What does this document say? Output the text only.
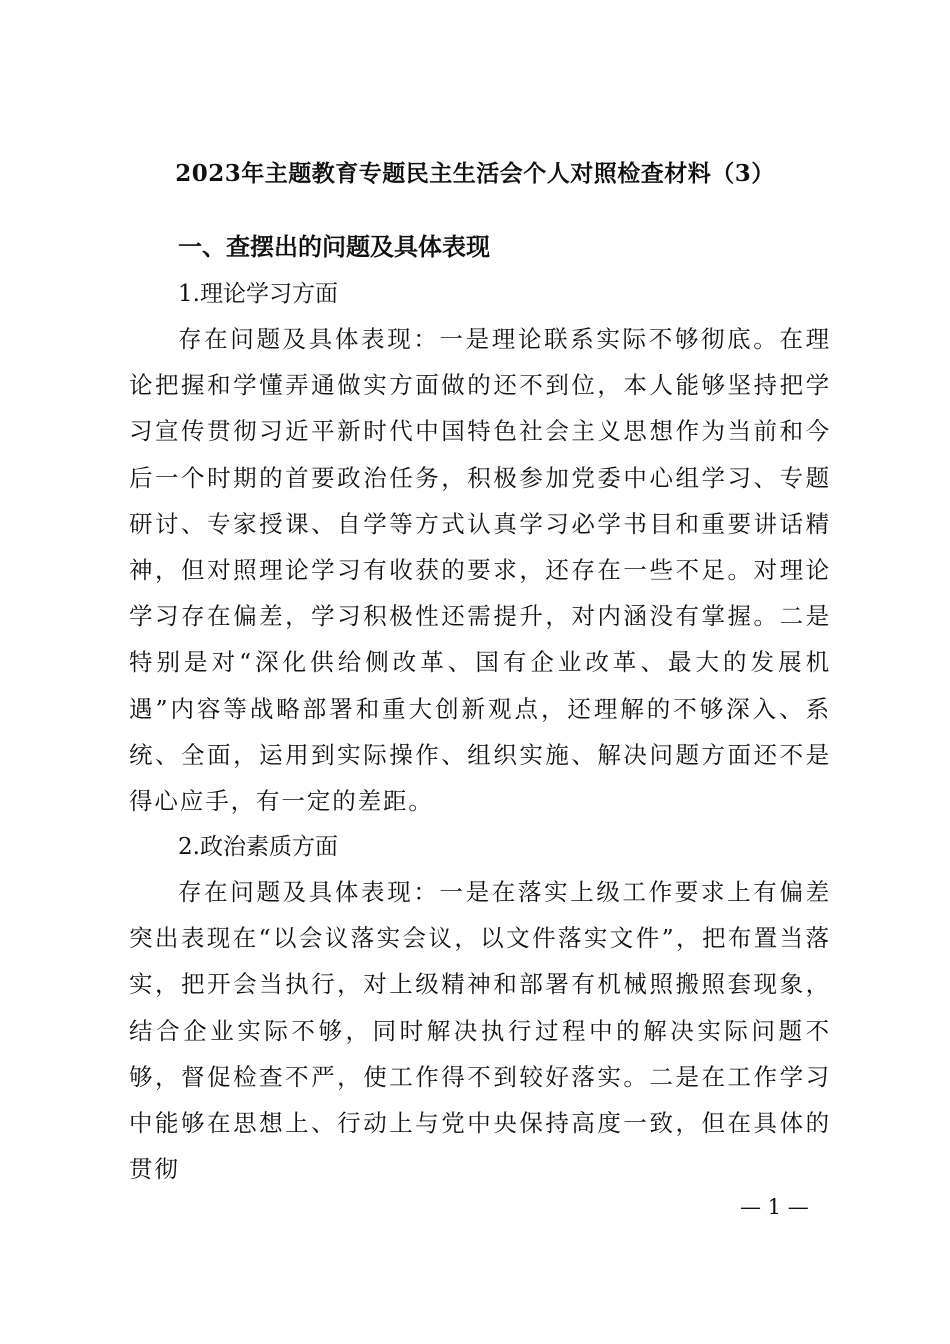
2023年主题教育专题民主生活会个人对照检查材料（3）
一、查摆出的问题及具体表现
1.理论学习方面
存在问题及具体表现：一是理论联系实际不够彻底。在理论把握和学懂弄通做实方面做的还不到位，本人能够坚持把学习宣传贯彻习近平新时代中国特色社会主义思想作为当前和今后一个时期的首要政治任务，积极参加党委中心组学习、专题研讨、专家授课、自学等方式认真学习必学书目和重要讲话精神，但对照理论学习有收获的要求，还存在一些不足。对理论学习存在偏差，学习积极性还需提升，对内涵没有掌握。二是特别是对“深化供给侧改革、国有企业改革、最大的发展机遇”内容等战略部署和重大创新观点，还理解的不够深入、系统、全面，运用到实际操作、组织实施、解决问题方面还不是得心应手，有一定的差距。
2.政治素质方面
存在问题及具体表现：一是在落实上级工作要求上有偏差突出表现在“以会议落实会议，以文件落实文件”，把布置当落实，把开会当执行，对上级精神和部署有机械照搬照套现象，结合企业实际不够，同时解决执行过程中的解决实际问题不够，督促检查不严，使工作得不到较好落实。二是在工作学习中能够在思想上、行动上与党中央保持高度一致，但在具体的贯彻
— 1 —
